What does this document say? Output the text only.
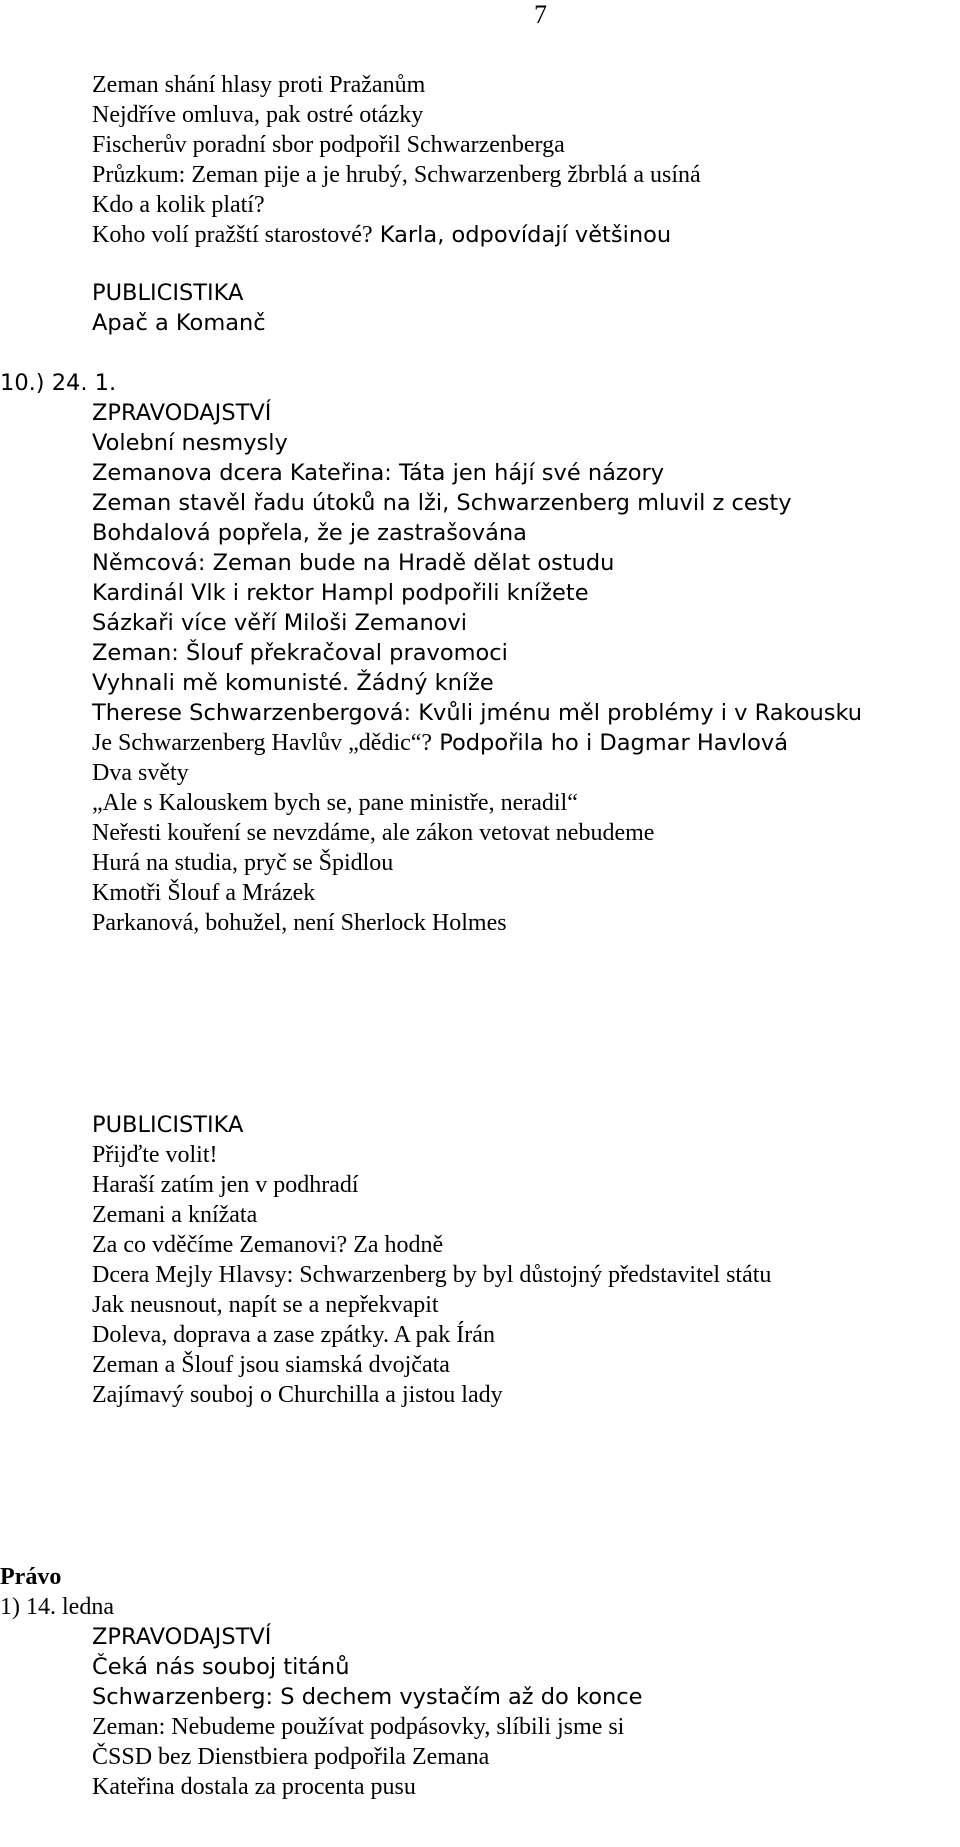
7
Zeman shání hlasy proti Pražanům
Nejdříve omluva, pak ostré otázky
Fischerův poradní sbor podpořil Schwarzenberga
Průzkum: Zeman pije a je hrubý, Schwarzenberg žbrblá a usíná
Kdo a kolik platí?
Koho volí pražští starostové? Karla, odpovídají většinou
PUBLICISTIKA
Apač a Komanč
10.) 24. 1.
ZPRAVODAJSTVÍ
Volební nesmysly
Zemanova dcera Kateřina: Táta jen hájí své názory
Zeman stavěl řadu útoků na lži, Schwarzenberg mluvil z cesty
Bohdalová popřela, že je zastrašována
Němcová: Zeman bude na Hradě dělat ostudu
Kardinál Vlk i rektor Hampl podpořili knížete
Sázkaři více věří Miloši Zemanovi
Zeman: Šlouf překračoval pravomoci
Vyhnali mě komunisté. Žádný kníže
Therese Schwarzenbergová: Kvůli jménu měl problémy i v Rakousku
Je Schwarzenberg Havlův „dědic“? Podpořila ho i Dagmar Havlová
Dva světy
„Ale s Kalouskem bych se, pane ministře, neradil“
Neřesti kouření se nevzdáme, ale zákon vetovat nebudeme
Hurá na studia, pryč se Špidlou
Kmotři Šlouf a Mrázek
Parkanová, bohužel, není Sherlock Holmes
PUBLICISTIKA
Přijďte volit!
Haraší zatím jen v podhradí
Zemani a knížata
Za co vděčíme Zemanovi? Za hodně
Dcera Mejly Hlavsy: Schwarzenberg by byl důstojný představitel státu
Jak neusnout, napít se a nepřekvapit
Doleva, doprava a zase zpátky. A pak Írán
Zeman a Šlouf jsou siamská dvojčata
Zajímavý souboj o Churchilla a jistou lady
Právo
1) 14. ledna
ZPRAVODAJSTVÍ
Čeká nás souboj titánů
Schwarzenberg: S dechem vystačím až do konce
Zeman: Nebudeme používat podpásovky, slíbili jsme si
ČSSD bez Dienstbiera podpořila Zemana
Kateřina dostala za procenta pusu
